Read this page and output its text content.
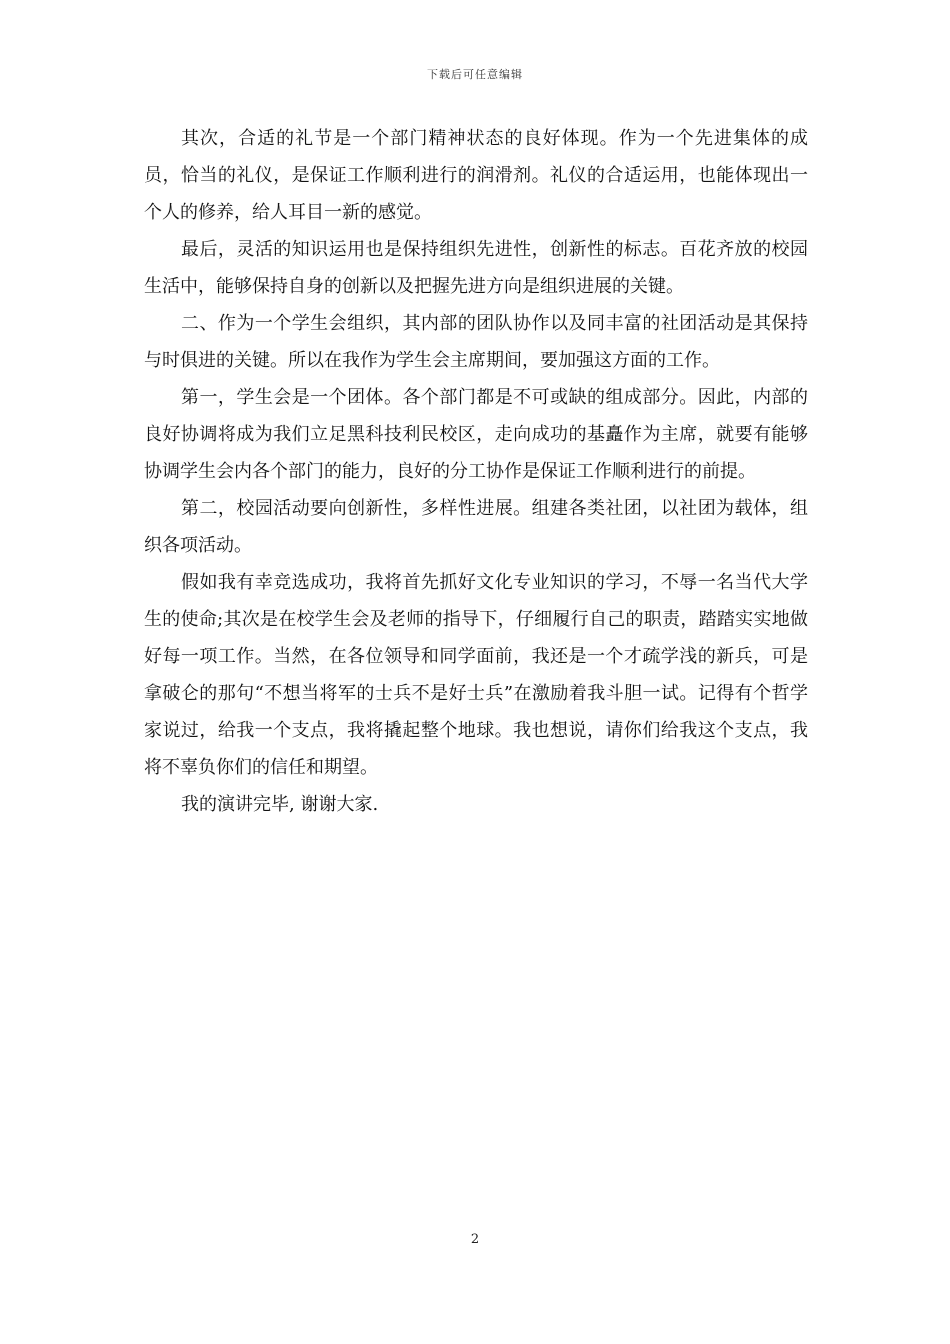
下载后可任意编辑

其次，合适的礼节是一个部门精神状态的良好体现。作为一个先进集体的成员，恰当的礼仪，是保证工作顺利进行的润滑剂。礼仪的合适运用，也能体现出一个人的修养，给人耳目一新的感觉。

最后，灵活的知识运用也是保持组织先进性，创新性的标志。百花齐放的校园生活中，能够保持自身的创新以及把握先进方向是组织进展的关键。

二、作为一个学生会组织，其内部的团队协作以及同丰富的社团活动是其保持与时俱进的关键。所以在我作为学生会主席期间，要加强这方面的工作。

第一，学生会是一个团体。各个部门都是不可或缺的组成部分。因此，内部的良好协调将成为我们立足黑科技利民校区，走向成功的基矗作为主席，就要有能够协调学生会内各个部门的能力，良好的分工协作是保证工作顺利进行的前提。

第二，校园活动要向创新性，多样性进展。组建各类社团，以社团为载体，组织各项活动。

假如我有幸竞选成功，我将首先抓好文化专业知识的学习，不辱一名当代大学生的使命;其次是在校学生会及老师的指导下，仔细履行自己的职责，踏踏实实地做好每一项工作。当然，在各位领导和同学面前，我还是一个才疏学浅的新兵，可是拿破仑的那句“不想当将军的士兵不是好士兵”在激励着我斗胆一试。记得有个哲学家说过，给我一个支点，我将撬起整个地球。我也想说，请你们给我这个支点，我将不辜负你们的信任和期望。

我的演讲完毕, 谢谢大家.

2
